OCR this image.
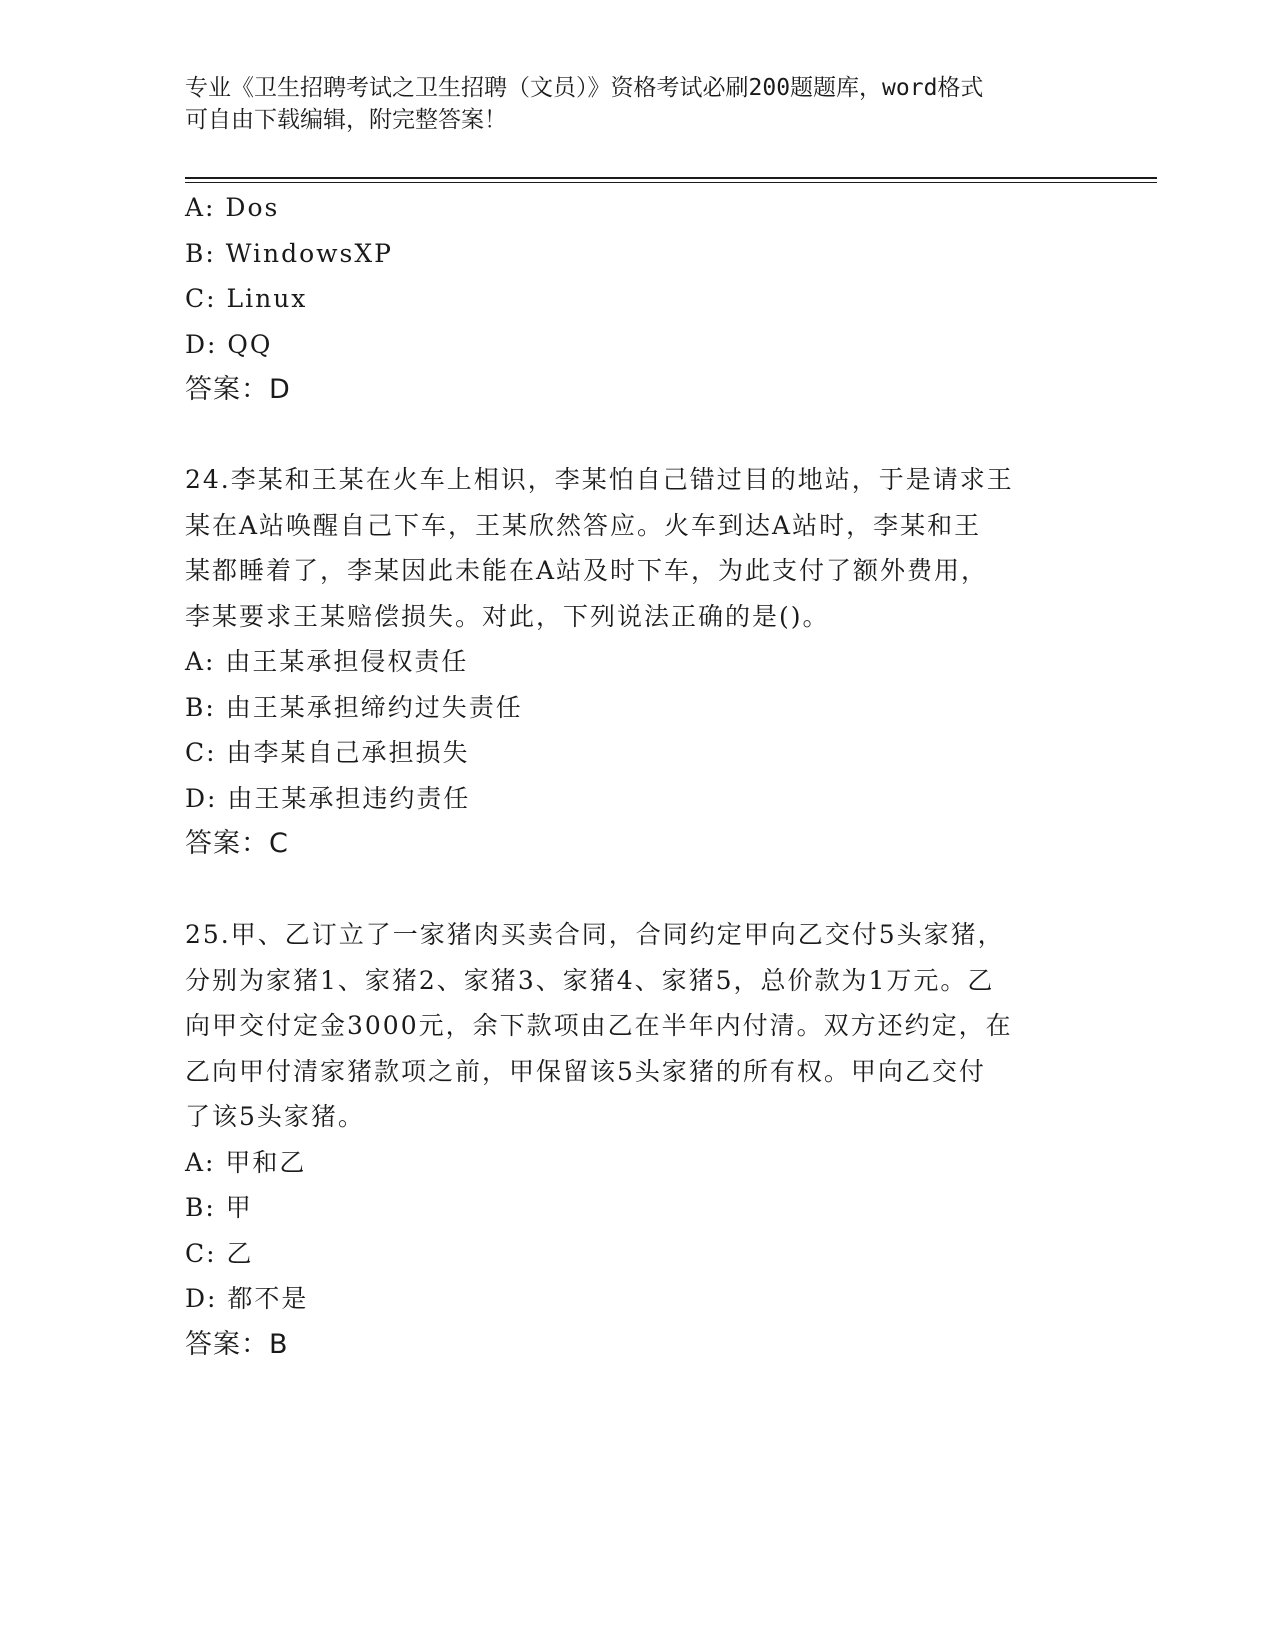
专业《卫生招聘考试之卫生招聘（文员）》资格考试必刷200题题库，word格式
可自由下载编辑，附完整答案！
A: Dos
B: WindowsXP
C: Linux
D: QQ
答案：D
24.李某和王某在火车上相识，李某怕自己错过目的地站，于是请求王
某在A站唤醒自己下车，王某欣然答应。火车到达A站时，李某和王
某都睡着了，李某因此未能在A站及时下车，为此支付了额外费用，
李某要求王某赔偿损失。对此，下列说法正确的是()。
A: 由王某承担侵权责任
B: 由王某承担缔约过失责任
C: 由李某自己承担损失
D: 由王某承担违约责任
答案：C
25.甲、乙订立了一家猪肉买卖合同，合同约定甲向乙交付5头家猪，
分别为家猪1、家猪2、家猪3、家猪4、家猪5，总价款为1万元。乙
向甲交付定金3000元，余下款项由乙在半年内付清。双方还约定，在
乙向甲付清家猪款项之前，甲保留该5头家猪的所有权。甲向乙交付
了该5头家猪。
A: 甲和乙
B: 甲
C: 乙
D: 都不是
答案：B
